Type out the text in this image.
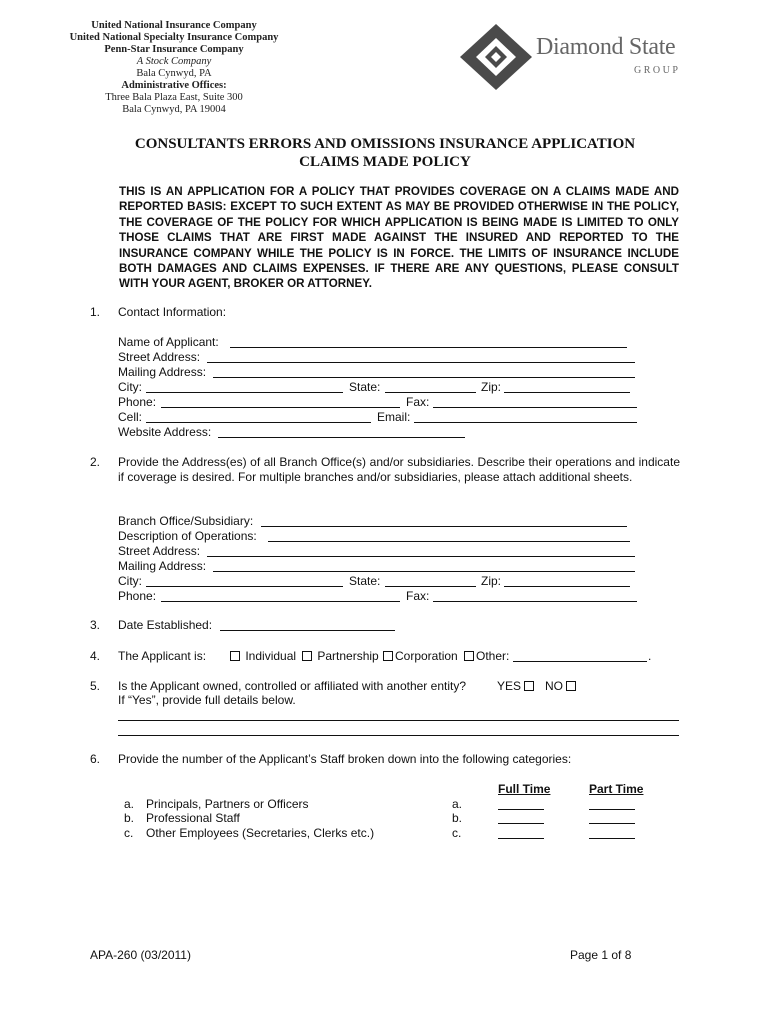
United National Insurance Company
United National Specialty Insurance Company
Penn-Star Insurance Company
A Stock Company
Bala Cynwyd, PA
Administrative Offices:
Three Bala Plaza East, Suite 300
Bala Cynwyd, PA 19004
Diamond State
GROUP
CONSULTANTS ERRORS AND OMISSIONS INSURANCE APPLICATION
CLAIMS MADE POLICY
THIS IS AN APPLICATION FOR A POLICY THAT PROVIDES COVERAGE ON A CLAIMS MADE AND REPORTED BASIS: EXCEPT TO SUCH EXTENT AS MAY BE PROVIDED OTHERWISE IN THE POLICY, THE COVERAGE OF THE POLICY FOR WHICH APPLICATION IS BEING MADE IS LIMITED TO ONLY THOSE CLAIMS THAT ARE FIRST MADE AGAINST THE INSURED AND REPORTED TO THE INSURANCE COMPANY WHILE THE POLICY IS IN FORCE. THE LIMITS OF INSURANCE INCLUDE BOTH DAMAGES AND CLAIMS EXPENSES. IF THERE ARE ANY QUESTIONS, PLEASE CONSULT WITH YOUR AGENT, BROKER OR ATTORNEY.
1. Contact Information:
Name of Applicant:
Street Address:
Mailing Address:
City:	State:	Zip:
Phone:	Fax:
Cell:	Email:
Website Address:
2. Provide the Address(es) of all Branch Office(s) and/or subsidiaries. Describe their operations and indicate if coverage is desired. For multiple branches and/or subsidiaries, please attach additional sheets.
Branch Office/Subsidiary:
Description of Operations:
Street Address:
Mailing Address:
City:	State:	Zip:
Phone:	Fax:
3. Date Established:
4. The Applicant is:	Individual	Partnership	Corporation	Other:	.
5. Is the Applicant owned, controlled or affiliated with another entity?	YES	NO
If “Yes”, provide full details below.
6. Provide the number of the Applicant’s Staff broken down into the following categories:
Full Time	Part Time
a. Principals, Partners or Officers	a.
b. Professional Staff	b.
c. Other Employees (Secretaries, Clerks etc.)	c.
APA-260 (03/2011)	Page 1 of 8
